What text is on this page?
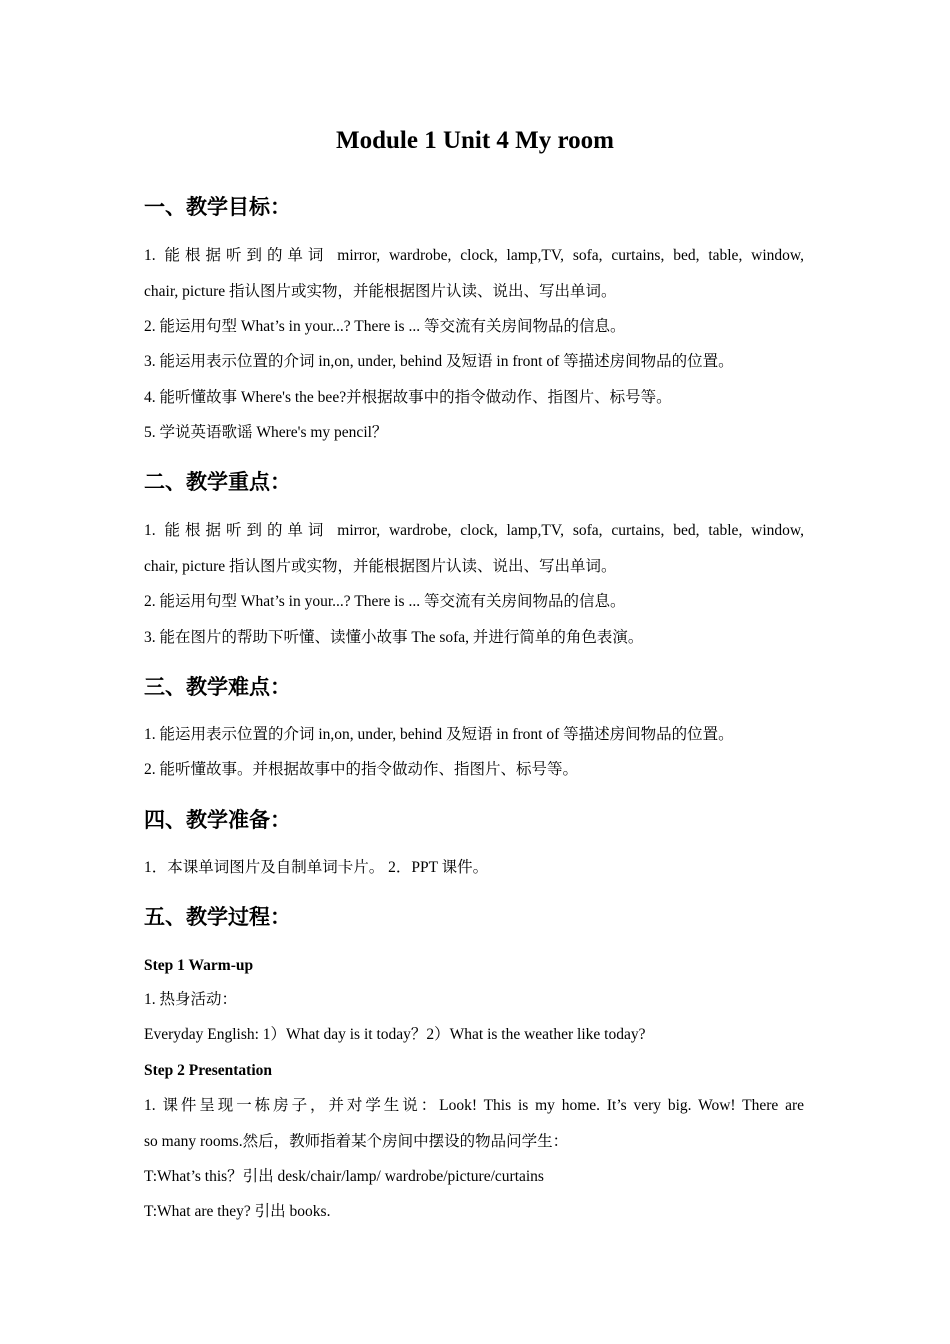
Module 1 Unit 4 My room
一、教学目标：
1. 能根据听到的单词 mirror, wardrobe, clock, lamp,TV, sofa, curtains, bed, table, window,
chair, picture 指认图片或实物，并能根据图片认读、说出、写出单词。
2. 能运用句型 What’s in your...? There is ... 等交流有关房间物品的信息。
3. 能运用表示位置的介词 in,on, under, behind 及短语 in front of 等描述房间物品的位置。
4. 能听懂故事 Where's the bee?并根据故事中的指令做动作、指图片、标号等。
5. 学说英语歌谣 Where's my pencil？
二、教学重点：
1. 能根据听到的单词 mirror, wardrobe, clock, lamp,TV, sofa, curtains, bed, table, window,
chair, picture 指认图片或实物，并能根据图片认读、说出、写出单词。
2. 能运用句型 What’s in your...? There is ... 等交流有关房间物品的信息。
3. 能在图片的帮助下听懂、读懂小故事 The sofa, 并进行简单的角色表演。
三、教学难点：
1. 能运用表示位置的介词 in,on, under, behind 及短语 in front of 等描述房间物品的位置。
2. 能听懂故事。并根据故事中的指令做动作、指图片、标号等。
四、教学准备：
1．本课单词图片及自制单词卡片。 2．PPT 课件。
五、教学过程：
Step 1 Warm-up
1. 热身活动：
Everyday English: 1）What day is it today？2）What is the weather like today?
Step 2 Presentation
1. 课件呈现一栋房子，并对学生说：Look! This is my home. It’s very big. Wow! There are
so many rooms.然后，教师指着某个房间中摆设的物品问学生：
T:What’s this？引出 desk/chair/lamp/ wardrobe/picture/curtains
T:What are they? 引出 books.
